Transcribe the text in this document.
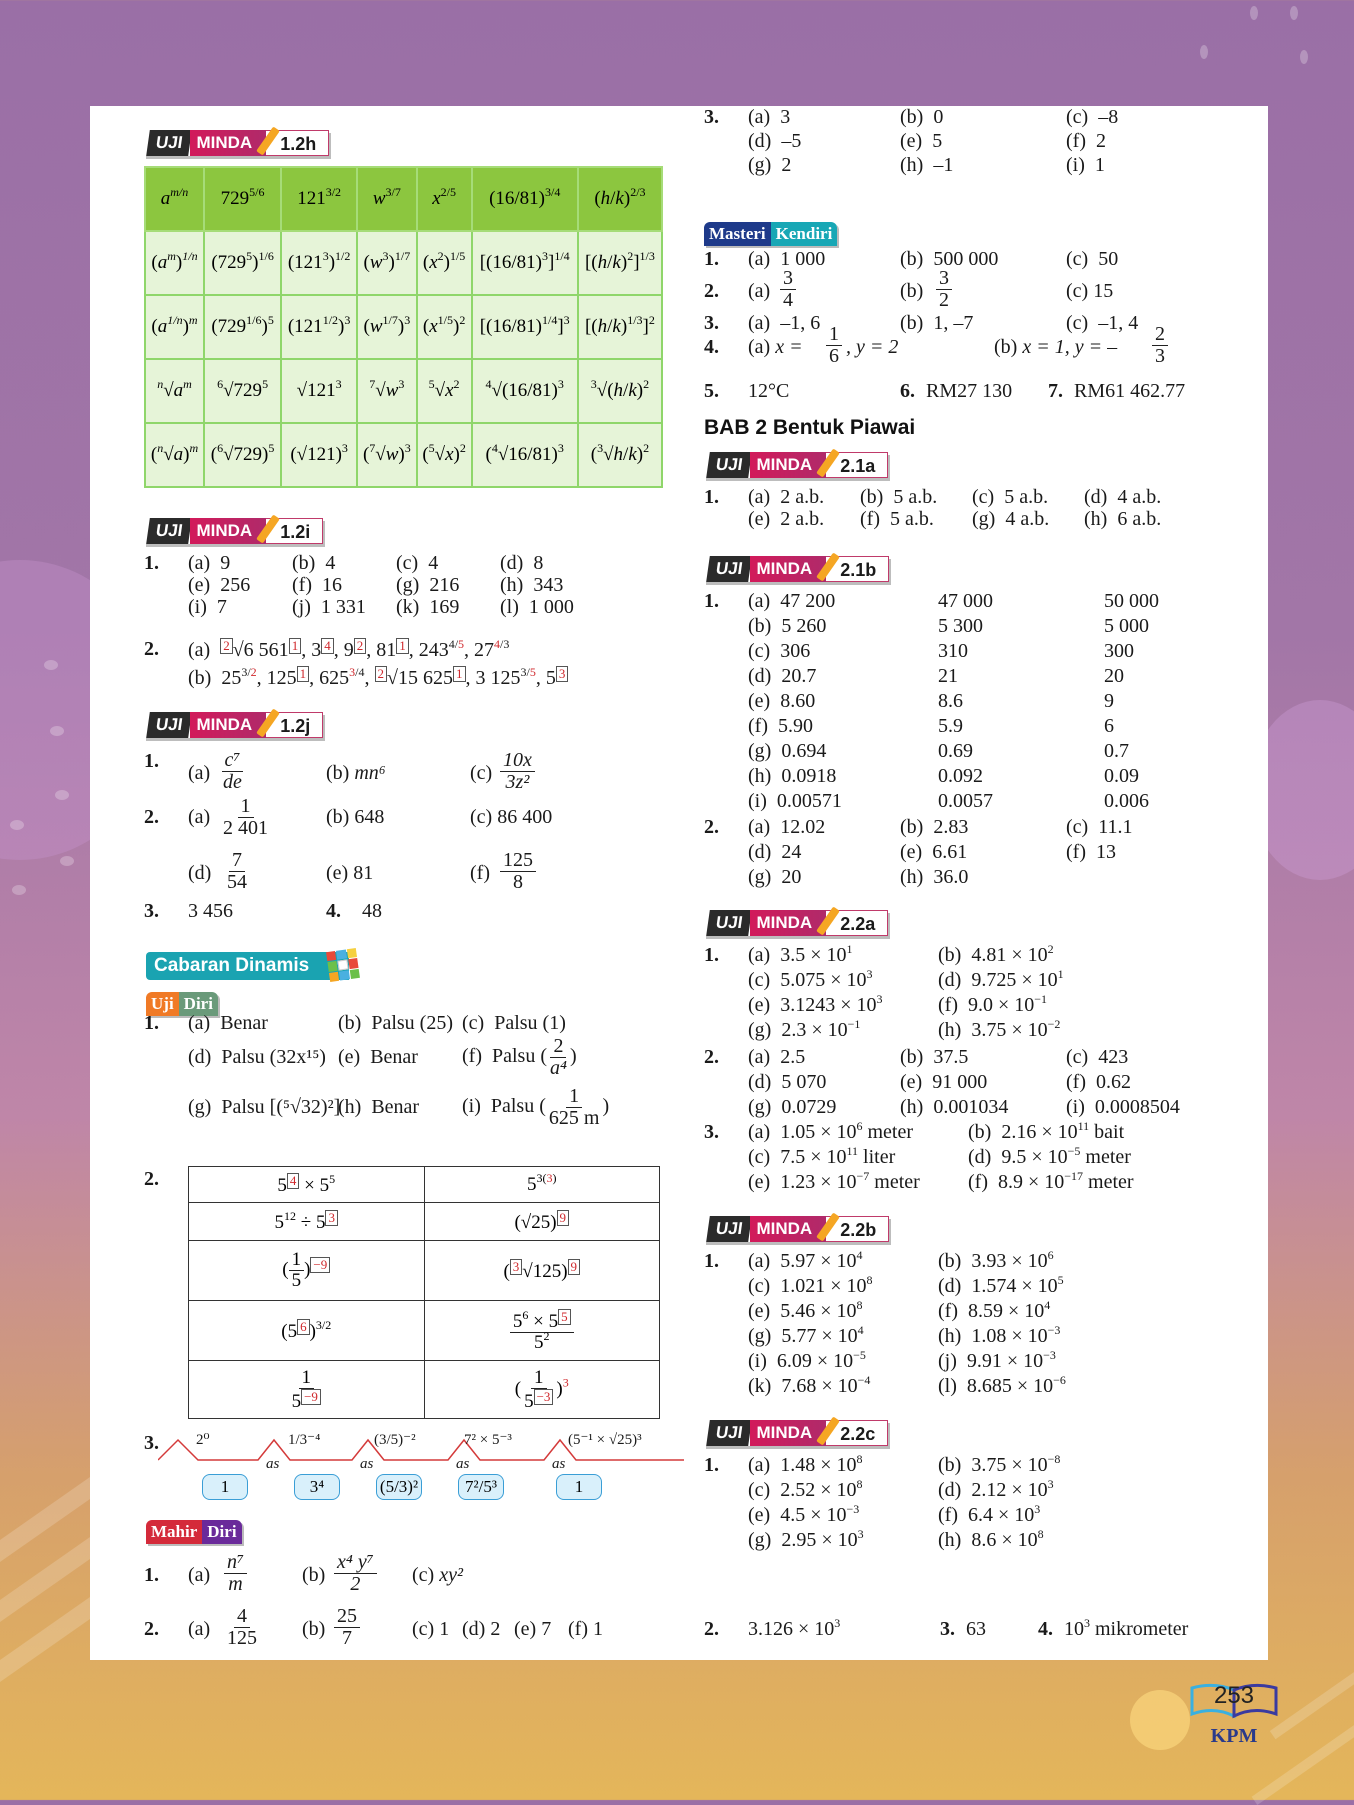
UJI MINDA	1.2h
$a^{m/n}$	$729^{5/6}$	$121^{3/2}$	$w^{3/7}$	$x^{2/5}$	$(16/81)^{3/4}$	$(h/k)^{2/3}$
$(a^m)^{1/n}$	$(729^5)^{1/6}$	$(121^3)^{1/2}$	$(w^3)^{1/7}$	$(x^2)^{1/5}$	$[(16/81)^3]^{1/4}$	$[(h/k)^2]^{1/3}$
$(a^{1/n})^m$	$(729^{1/6})^5$	$(121^{1/2})^3$	$(w^{1/7})^3$	$(x^{1/5})^2$	$[(16/81)^{1/4}]^3$	$[(h/k)^{1/3}]^2$
$^n√a^m$	$^6√729^5$	$√121^3$	$^7√w^3$	$^5√x^2$	$^4√(16/81)^3$	$^3√(h/k)^2$
$(^n√a)^m$	$(^6√729)^5$	$(√121)^3$	$(^7√w)^3$	$(^5√x)^2$	$(^4√16/81)^3$	$(^3√h/k)^2$
UJI MINDA	1.2i
1. (a)  9	(b)  4	(c)  4	(d)  8
(e)  256 (f)  16	(g)  216 (h)  343
(i)  7	(j)  1 331 (k)  169 (l)  1 000
2. (a) 2 √6 561 1 , 3 4 , 9 2 , 81 1 , $243^{4/5}$, $27^{4/3}$
(b)  $25^{3/2}$, 125 1 , $625^{3/4}$, 2 √15 625 1 , 3 $125^{3/5}$, 5 3
UJI MINDA	1.2j
1.
$(a) \frac{\text{c⁷}}{de}$	(b) mn⁶	$(c) \frac{10x}{\text{3z²}}$
2. $(a) \frac{1}{2 401}$	(b) 648	(c) 86 400
$(d) \frac{7}{54}$	(e) 81	$(f) \frac{125}{8}$
3. 3 456	4. 48
Cabaran Dinamis
Uji Diri
1. (a)  Benar	(b)  Palsu (25) (c)  Palsu (1)
(d)  Palsu (32x¹⁵) (e)  Benar (f)  Palsu ( $\frac{2}{\text{a⁴}}$ )
(g)  Palsu [(⁵√32)²]
(h)  Benar (i)  Palsu ( $\frac{1}{625 m}$ )
2.	5 $4 \times 5^5$	$5^{3(3)}$
$5^{12} \div 5$ 3	(√25) 9
( $\frac{1}{5}$ ) −9	( 3 √125) 9
(5 6 )$^{3/2}$	$\frac{5^6 \times 5 5}{5^2}$

$\frac{1}{5 -9}$	( $\frac{1}{5 -3} )^3$
3. 2⁰	1/3⁻⁴	(3/5)⁻²	7² × 5⁻³	(5⁻¹ × √25)³
as	as	as	as
1	3⁴	(5/3)²	7²/5³	1
Mahir Diri
1. $(a) \frac{\text{n⁷}}{m}$	$(b) \frac{\text{x⁴ y⁷}}{2} (c)$ xy²
2. $(a) \frac{4}{125} (b) \frac{25}{7}$	(c) 1 (d) 2 (e) 7 (f) 1
3. (a)  3	(b)  0	(c)  –8
(d)  –5	(e)  5	(f)  2
(g)  2	(h)  –1	(i)  1
Masteri Kendiri
1. (a)  1 000	(b)  500 000	(c)  50
3. (a)  –1, 6	(b)  1, –7	(c)  –1, 4
2. $(a) \frac{3}{4}$	$(b) \frac{3}{2}$	(c) 15
4. (a) $x = \frac{1}{6}$ , y = 2	(b) x = 1, y = – $\frac{2}{3}$
5. 12°C	6. RM27 130 7. RM61 462.77
BAB 2 Bentuk Piawai
UJI MINDA	2.1a
1. (a)  2 a.b. (b)  5 a.b. (c)  5 a.b. (d)  4 a.b.
(e)  2 a.b. (f)  5 a.b. (g)  4 a.b. (h)  6 a.b.
UJI MINDA	2.1b
1. (a)  47 200	47 000	50 000
(b)  5 260	5 300	5 000
(c)  306	310	300
(d)  20.7	21	20
(e)  8.60	8.6	9
(f)  5.90	5.9	6
(g)  0.694	0.69	0.7
(h)  0.0918	0.092	0.09
(i)  0.00571	0.0057	0.006
2. (a)  12.02	(b)  2.83	(c)  11.1
(d)  24	(e)  6.61	(f)  13
(g)  20	(h)  36.0
UJI MINDA	2.2a
1. (a)  $3.5 \times 10^1$	(b)  $4.81 \times 10^2$
(c)  $5.075 \times 10^3$	(d)  $9.725 \times 10^1$
(e)  $3.1243 \times 10^3$	(f)  $9.0 \times 10^{-1}$
(g)  $2.3 \times 10^{-1}$	(h)  $3.75 \times 10^{-2}$
2. (a)  2.5	(b)  37.5	(c)  423
(d)  5 070	(e)  91 000	(f)  0.62
(g)  0.0729	(h)  0.001034	(i)  0.0008504
3. (a)  $1.05 \times 10^6$ meter	(b)  $2.16 \times 10^{11}$ bait
(c)  $7.5 \times 10^{11}$ liter	(d)  $9.5 \times 10^{-5}$ meter
(e)  $1.23 \times 10^{-7}$ meter (f)  $8.9 \times 10^{-17}$ meter
UJI MINDA	2.2b
1. (a)  $5.97 \times 10^4$	(b)  $3.93 \times 10^6$
(c)  $1.021 \times 10^8$	(d)  $1.574 \times 10^5$
(e)  $5.46 \times 10^8$	(f)  $8.59 \times 10^4$
(g)  $5.77 \times 10^4$	(h)  $1.08 \times 10^{-3}$
(i)  $6.09 \times 10^{-5}$	(j)  $9.91 \times 10^{-3}$
(k)  $7.68 \times 10^{-4}$	(l)  $8.685 \times 10^{-6}$
UJI MINDA	2.2c
1. (a)  $1.48 \times 10^8$	(b)  $3.75 \times 10^{-8}$
(c)  $2.52 \times 10^8$	(d)  $2.12 \times 10^3$
(e)  $4.5 \times 10^{-3}$	(f)  $6.4 \times 10^3$
(g)  $2.95 \times 10^3$	(h)  $8.6 \times 10^8$
2. $3.126 \times 10^3$	3. 63	4. $10^3$ mikrometer
253
KPM
